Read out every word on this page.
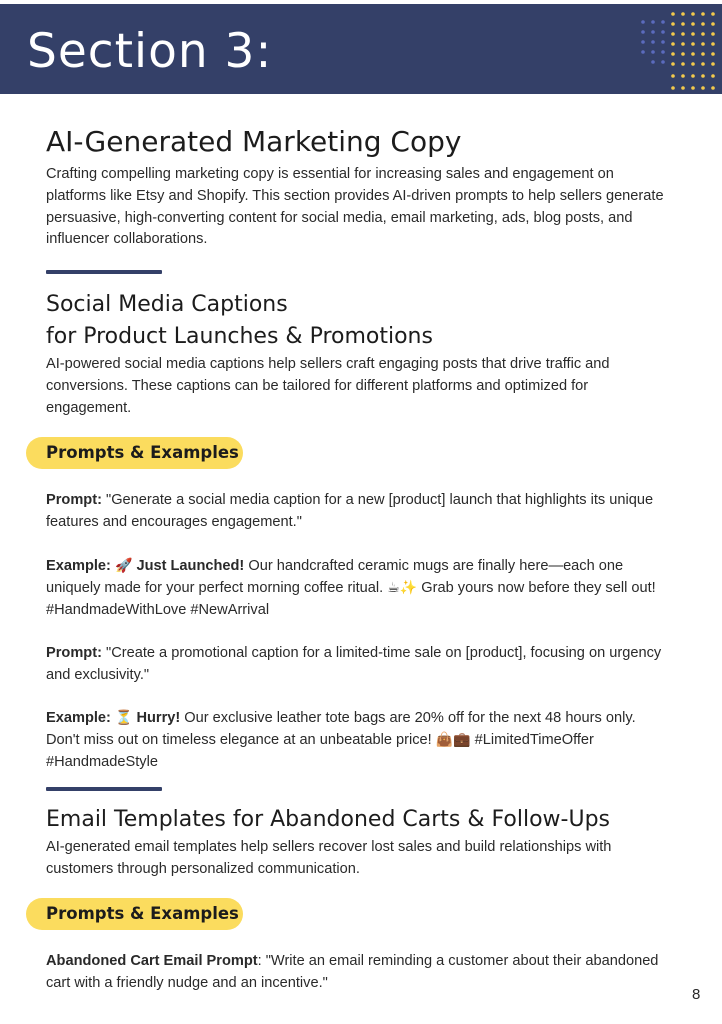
Section 3:
AI-Generated Marketing Copy

Crafting compelling marketing copy is essential for increasing sales and engagement on platforms like Etsy and Shopify. This section provides AI-driven prompts to help sellers generate persuasive, high-converting content for social media, email marketing, ads, blog posts, and influencer collaborations.

Social Media Captions
for Product Launches & Promotions

AI-powered social media captions help sellers craft engaging posts that drive traffic and conversions. These captions can be tailored for different platforms and optimized for engagement.

Prompts & Examples

Prompt: "Generate a social media caption for a new [product] launch that highlights its unique features and encourages engagement."

Example: 🚀 Just Launched! Our handcrafted ceramic mugs are finally here—each one uniquely made for your perfect morning coffee ritual. ☕✨ Grab yours now before they sell out! #HandmadeWithLove #NewArrival

Prompt: "Create a promotional caption for a limited-time sale on [product], focusing on urgency and exclusivity."

Example: ⏳ Hurry! Our exclusive leather tote bags are 20% off for the next 48 hours only. Don't miss out on timeless elegance at an unbeatable price! 👜💼 #LimitedTimeOffer #HandmadeStyle

Email Templates for Abandoned Carts & Follow-Ups

AI-generated email templates help sellers recover lost sales and build relationships with customers through personalized communication.

Prompts & Examples

Abandoned Cart Email Prompt: "Write an email reminding a customer about their abandoned cart with a friendly nudge and an incentive."

8
